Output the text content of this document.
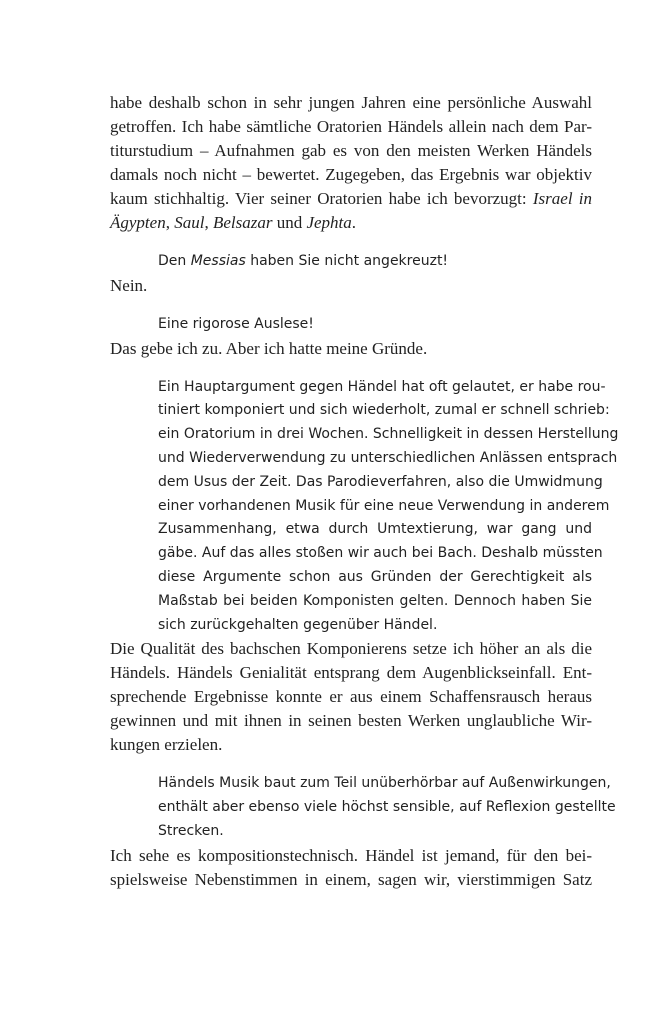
habe deshalb schon in sehr jungen Jahren eine persönliche Auswahl
getroffen. Ich habe sämtliche Oratorien Händels allein nach dem Par-
titurstudium – Aufnahmen gab es von den meisten Werken Händels
damals noch nicht – bewertet. Zugegeben, das Ergebnis war objektiv
kaum stichhaltig. Vier seiner Oratorien habe ich bevorzugt: Israel in
Ägypten, Saul, Belsazar und Jephta.

Den Messias haben Sie nicht angekreuzt!

Nein.

Eine rigorose Auslese!

Das gebe ich zu. Aber ich hatte meine Gründe.

Ein Hauptargument gegen Händel hat oft gelautet, er habe rou-
tiniert komponiert und sich wiederholt, zumal er schnell schrieb:
ein Oratorium in drei Wochen. Schnelligkeit in dessen Herstellung
und Wiederverwendung zu unterschiedlichen Anlässen entsprach
dem Usus der Zeit. Das Parodieverfahren, also die Umwidmung
einer vorhandenen Musik für eine neue Verwendung in anderem
Zusammenhang, etwa durch Umtextierung, war gang und
gäbe. Auf das alles stoßen wir auch bei Bach. Deshalb müssten
diese Argumente schon aus Gründen der Gerechtigkeit als
Maßstab bei beiden Komponisten gelten. Dennoch haben Sie
sich zurückgehalten gegenüber Händel.

Die Qualität des bachschen Komponierens setze ich höher an als die
Händels. Händels Genialität entsprang dem Augenblickseinfall. Ent-
sprechende Ergebnisse konnte er aus einem Schaffensrausch heraus
gewinnen und mit ihnen in seinen besten Werken unglaubliche Wir-
kungen erzielen.

Händels Musik baut zum Teil unüberhörbar auf Außenwirkungen,
enthält aber ebenso viele höchst sensible, auf Reflexion gestellte
Strecken.

Ich sehe es kompositionstechnisch. Händel ist jemand, für den bei-
spielsweise Nebenstimmen in einem, sagen wir, vierstimmigen Satz
